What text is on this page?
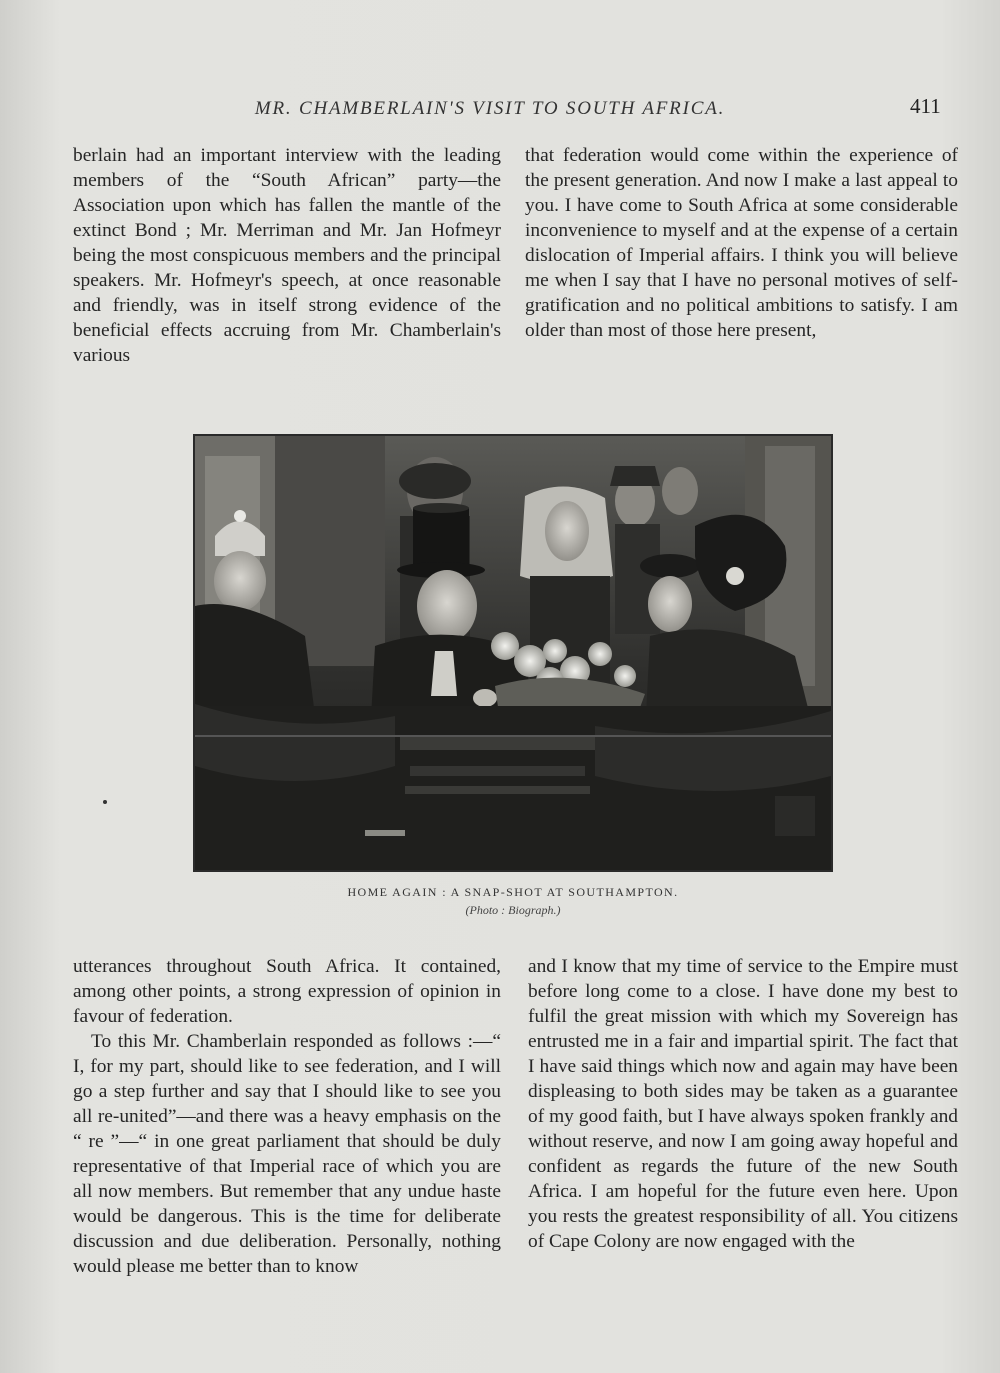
MR. CHAMBERLAIN'S VISIT TO SOUTH AFRICA.	411

berlain had an important interview with the leading members of the “South African” party—the Association upon which has fallen the mantle of the extinct Bond ; Mr. Merriman and Mr. Jan Hofmeyr being the most conspicuous members and the principal speakers. Mr. Hofmeyr's speech, at once reasonable and friendly, was in itself strong evidence of the beneficial effects accruing from Mr. Chamberlain's various

that federation would come within the experience of the present generation. And now I make a last appeal to you. I have come to South Africa at some considerable inconvenience to myself and at the expense of a certain dislocation of Imperial affairs. I think you will believe me when I say that I have no personal motives of self-gratification and no political ambitions to satisfy. I am older than most of those here present,

HOME AGAIN : A SNAP-SHOT AT SOUTHAMPTON.
(Photo : Biograph.)

utterances throughout South Africa. It contained, among other points, a strong expression of opinion in favour of federation.

To this Mr. Chamberlain responded as follows :—“ I, for my part, should like to see federation, and I will go a step further and say that I should like to see you all re-united”—and there was a heavy emphasis on the “ re ”—“ in one great parliament that should be duly representative of that Imperial race of which you are all now members. But remember that any undue haste would be dangerous. This is the time for deliberate discussion and due deliberation. Personally, nothing would please me better than to know

and I know that my time of service to the Empire must before long come to a close. I have done my best to fulfil the great mission with which my Sovereign has entrusted me in a fair and impartial spirit. The fact that I have said things which now and again may have been displeasing to both sides may be taken as a guarantee of my good faith, but I have always spoken frankly and without reserve, and now I am going away hopeful and confident as regards the future of the new South Africa. I am hopeful for the future even here. Upon you rests the greatest responsibility of all. You citizens of Cape Colony are now engaged with the
